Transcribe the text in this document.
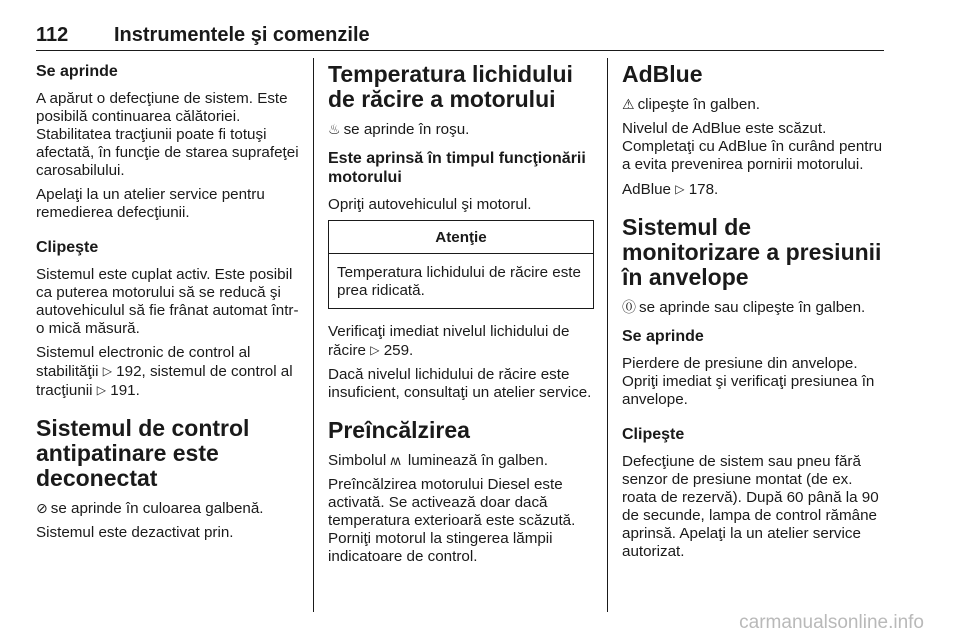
112 Instrumentele şi comenzile
Se aprinde

A apărut o defecţiune de sistem. Este posibilă continuarea călătoriei. Stabilitatea tracţiunii poate fi totuşi afectată, în funcţie de starea suprafeţei carosabilului.

Apelaţi la un atelier service pentru remedierea defecţiunii.

Clipeşte

Sistemul este cuplat activ. Este posibil ca puterea motorului să se reducă şi autovehiculul să fie frânat automat într-o mică măsură.

Sistemul electronic de control al stabilităţii ▷ 192, sistemul de control al tracţiunii ▷ 191.

Sistemul de control antipatinare este deconectat

⊘ se aprinde în culoarea galbenă.

Sistemul este dezactivat prin.

Temperatura lichidului de răcire a motorului

♨ se aprinde în roşu.

Este aprinsă în timpul funcţionării motorului

Opriţi autovehiculul şi motorul.

Atenţie
Temperatura lichidului de răcire este prea ridicată.

Verificaţi imediat nivelul lichidului de răcire ▷ 259.

Dacă nivelul lichidului de răcire este insuficient, consultaţi un atelier service.

Preîncălzirea

Simbolul ʍ luminează în galben.

Preîncălzirea motorului Diesel este activată. Se activează doar dacă temperatura exterioară este scăzută. Porniţi motorul la stingerea lămpii indicatoare de control.

AdBlue

⚠ clipeşte în galben.

Nivelul de AdBlue este scăzut. Completaţi cu AdBlue în curând pentru a evita prevenirea pornirii motorului.

AdBlue ▷ 178.

Sistemul de monitorizare a presiunii în anvelope

⓪ se aprinde sau clipeşte în galben.

Se aprinde

Pierdere de presiune din anvelope. Opriţi imediat şi verificaţi presiunea în anvelope.

Clipeşte

Defecţiune de sistem sau pneu fără senzor de presiune montat (de ex. roata de rezervă). După 60 până la 90 de secunde, lampa de control rămâne aprinsă. Apelaţi la un atelier service autorizat.

carmanualsonline.info
